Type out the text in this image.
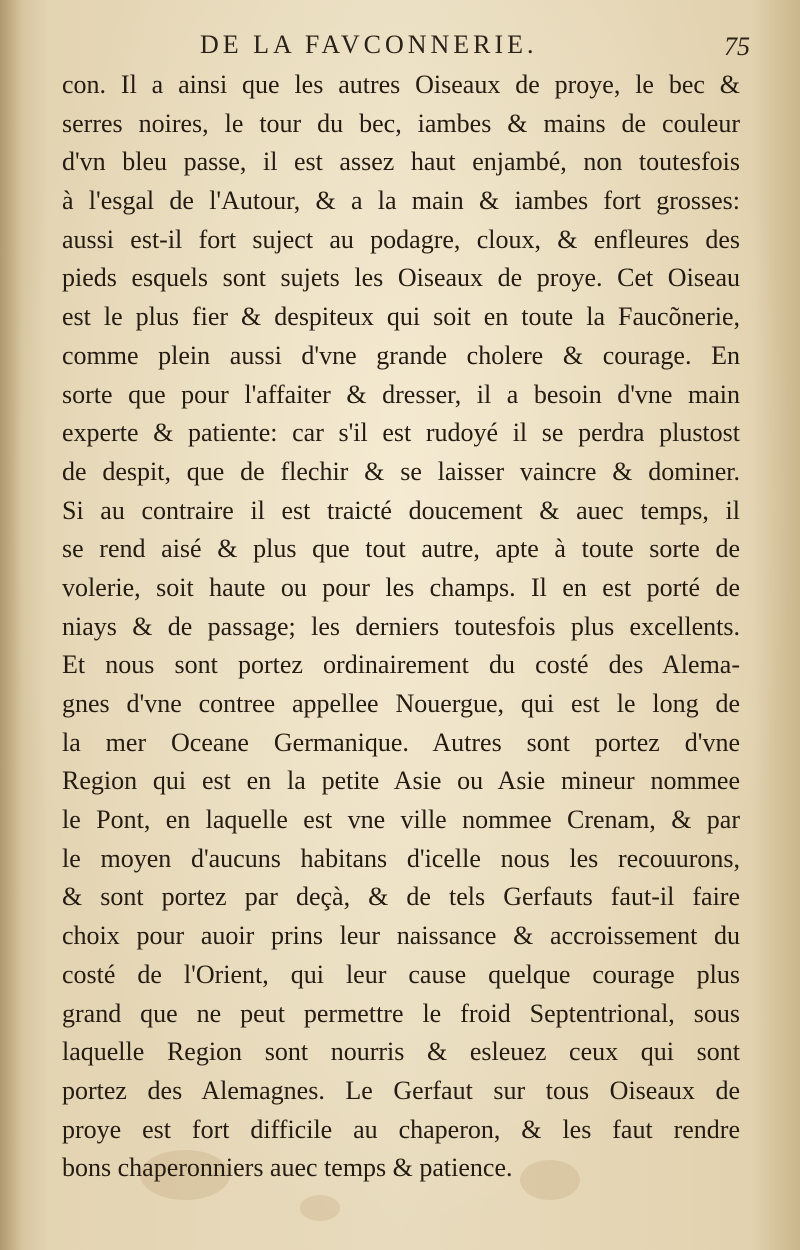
DE LA FAVCONNERIE.	75
con. Il a ainsi que les autres Oiseaux de proye, le bec &
serres noires, le tour du bec, iambes & mains de couleur
d'vn bleu passe, il est assez haut enjambé, non toutesfois
à l'esgal de l'Autour, & a la main & iambes fort grosses:
aussi est-il fort suject au podagre, cloux, & enfleures des
pieds esquels sont sujets les Oiseaux de proye. Cet Oiseau
est le plus fier & despiteux qui soit en toute la Faucõnerie,
comme plein aussi d'vne grande cholere & courage. En
sorte que pour l'affaiter & dresser, il a besoin d'vne main
experte & patiente: car s'il est rudoyé il se perdra plustost
de despit, que de flechir & se laisser vaincre & dominer.
Si au contraire il est traicté doucement & auec temps, il
se rend aisé & plus que tout autre, apte à toute sorte de
volerie, soit haute ou pour les champs. Il en est porté de
niays & de passage; les derniers toutesfois plus excellents.
Et nous sont portez ordinairement du costé des Alema-
gnes d'vne contree appellee Nouergue, qui est le long de
la mer Oceane Germanique. Autres sont portez d'vne
Region qui est en la petite Asie ou Asie mineur nommee
le Pont, en laquelle est vne ville nommee Crenam, & par
le moyen d'aucuns habitans d'icelle nous les recouurons,
& sont portez par deçà, & de tels Gerfauts faut-il faire
choix pour auoir prins leur naissance & accroissement du
costé de l'Orient, qui leur cause quelque courage plus
grand que ne peut permettre le froid Septentrional, sous
laquelle Region sont nourris & esleuez ceux qui sont
portez des Alemagnes. Le Gerfaut sur tous Oiseaux de
proye est fort difficile au chaperon, & les faut rendre
bons chaperonniers auec temps & patience.
